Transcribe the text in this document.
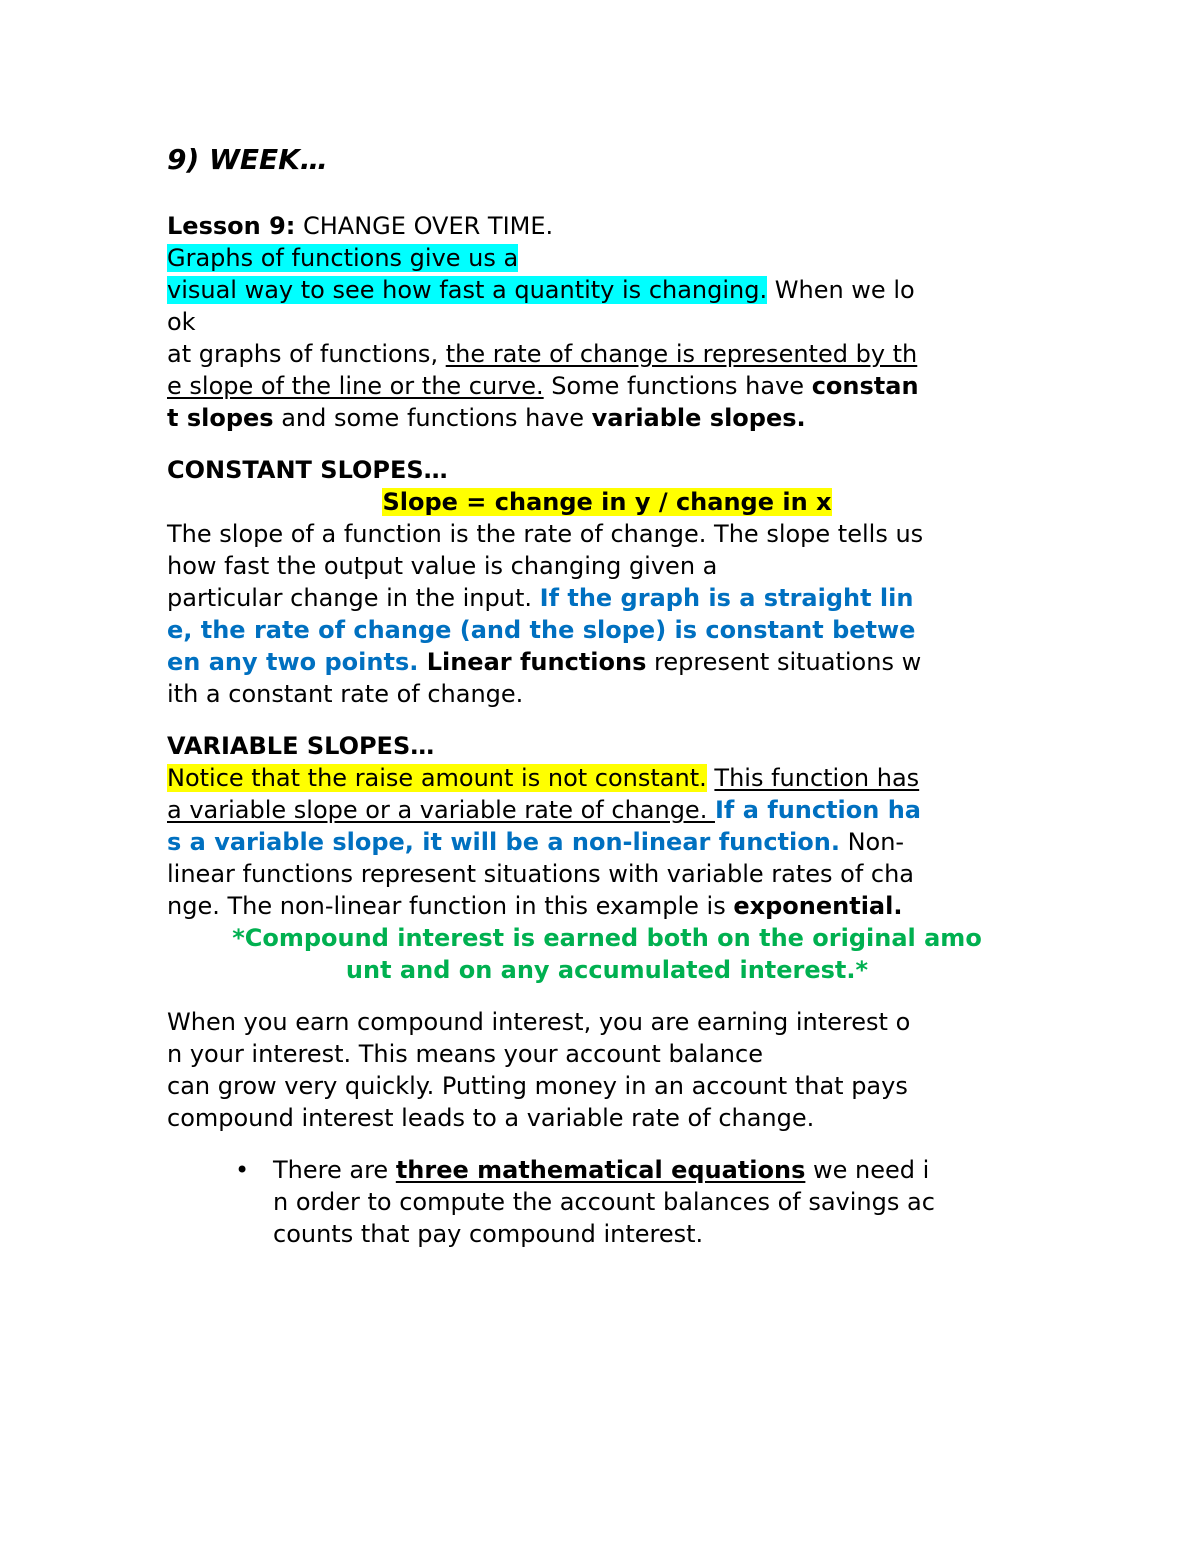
9) WEEK…

Lesson 9: CHANGE OVER TIME.

Graphs of functions give us a
visual way to see how fast a quantity is changing. When we lo
ok
at graphs of functions, the rate of change is represented by th
e slope of the line or the curve. Some functions have constan
t slopes and some functions have variable slopes.

CONSTANT SLOPES…

Slope = change in y / change in x

The slope of a function is the rate of change. The slope tells us
how fast the output value is changing given a
particular change in the input. If the graph is a straight lin
e, the rate of change (and the slope) is constant betwe
en any two points. Linear functions represent situations w
ith a constant rate of change.

VARIABLE SLOPES…

Notice that the raise amount is not constant. This function has
a variable slope or a variable rate of change. If a function ha
s a variable slope, it will be a non-linear function. Non-
linear functions represent situations with variable rates of cha
nge. The non-linear function in this example is exponential.

*Compound interest is earned both on the original amo
unt and on any accumulated interest.*

When you earn compound interest, you are earning interest o
n your interest. This means your account balance
can grow very quickly. Putting money in an account that pays
compound interest leads to a variable rate of change.

• There are three mathematical equations we need i
n order to compute the account balances of savings ac
counts that pay compound interest.
